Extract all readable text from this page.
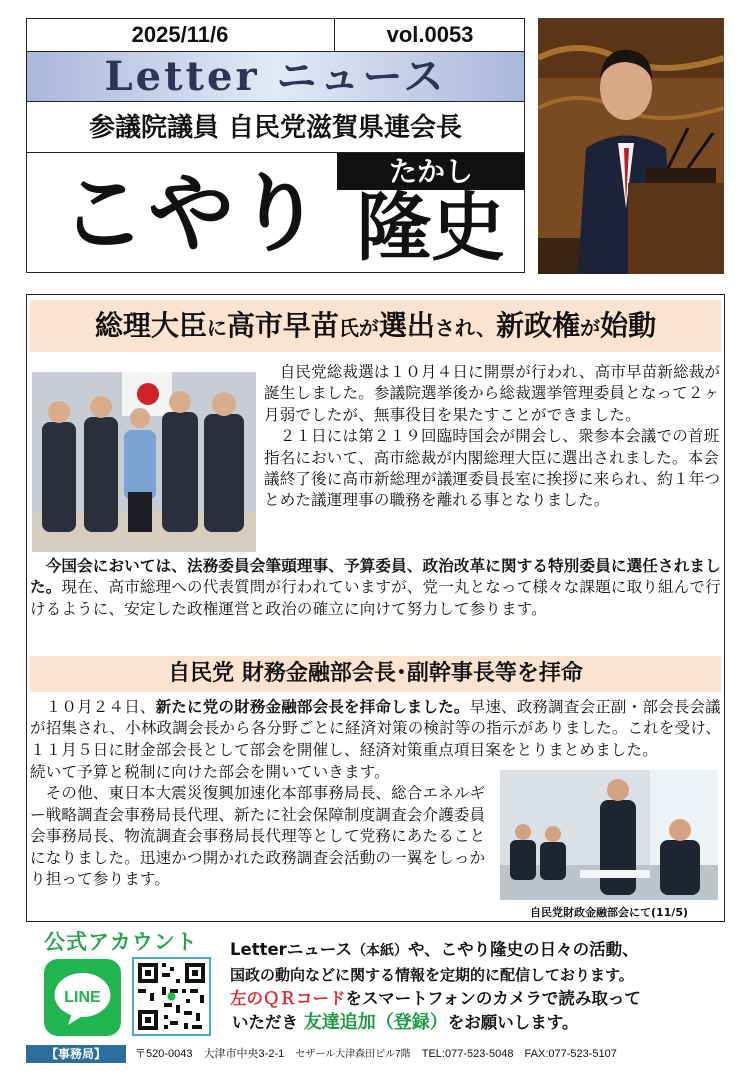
2025/11/6	vol.0053
Letter ニュース
参議院議員 自民党滋賀県連会長
こやり	たかし
隆史
総理大臣に高市早苗氏が選出され、新政権が始動
　自民党総裁選は１０月４日に開票が行われ、高市早苗新総裁が誕生しました。参議院選挙後から総裁選挙管理委員となって２ヶ月弱でしたが、無事役目を果たすことができました。
　２１日には第２１９回臨時国会が開会し、衆参本会議での首班指名において、高市総裁が内閣総理大臣に選出されました。本会議終了後に高市新総理が議運委員長室に挨拶に来られ、約１年つとめた議運理事の職務を離れる事となりました。
　今国会においては、法務委員会筆頭理事、予算委員、政治改革に関する特別委員に選任されました。現在、高市総理への代表質問が行われていますが、党一丸となって様々な課題に取り組んで行けるように、安定した政権運営と政治の確立に向けて努力して参ります。
自民党 財務金融部会長･副幹事長等を拝命
　１０月２４日、新たに党の財務金融部会長を拝命しました。早速、政務調査会正副・部会長会議が招集され、小林政調会長から各分野ごとに経済対策の検討等の指示がありました。これを受け、１１月５日に財金部会長として部会を開催し、経済対策重点項目案をとりまとめました。
続いて予算と税制に向けた部会を開いていきます。
　その他、東日本大震災復興加速化本部事務局長、総合エネルギー戦略調査会事務局長代理、新たに社会保障制度調査会介護委員会事務局長、物流調査会事務局長代理等として党務にあたることになりました。迅速かつ開かれた政務調査会活動の一翼をしっかり担って参ります。
自民党財政金融部会にて(11/5)
公式アカウント
LINE
Letterニュース（本紙）や、こやり隆史の日々の活動、
国政の動向などに関する情報を定期的に配信しております。
左のＱＲコードをスマートフォンのカメラで読み取って
いただき 友達追加（登録）をお願いします。
【事務局】	〒520-0043 大津市中央3-2-1 セザール大津森田ビル7階 TEL:077-523-5048 FAX:077-523-5107
